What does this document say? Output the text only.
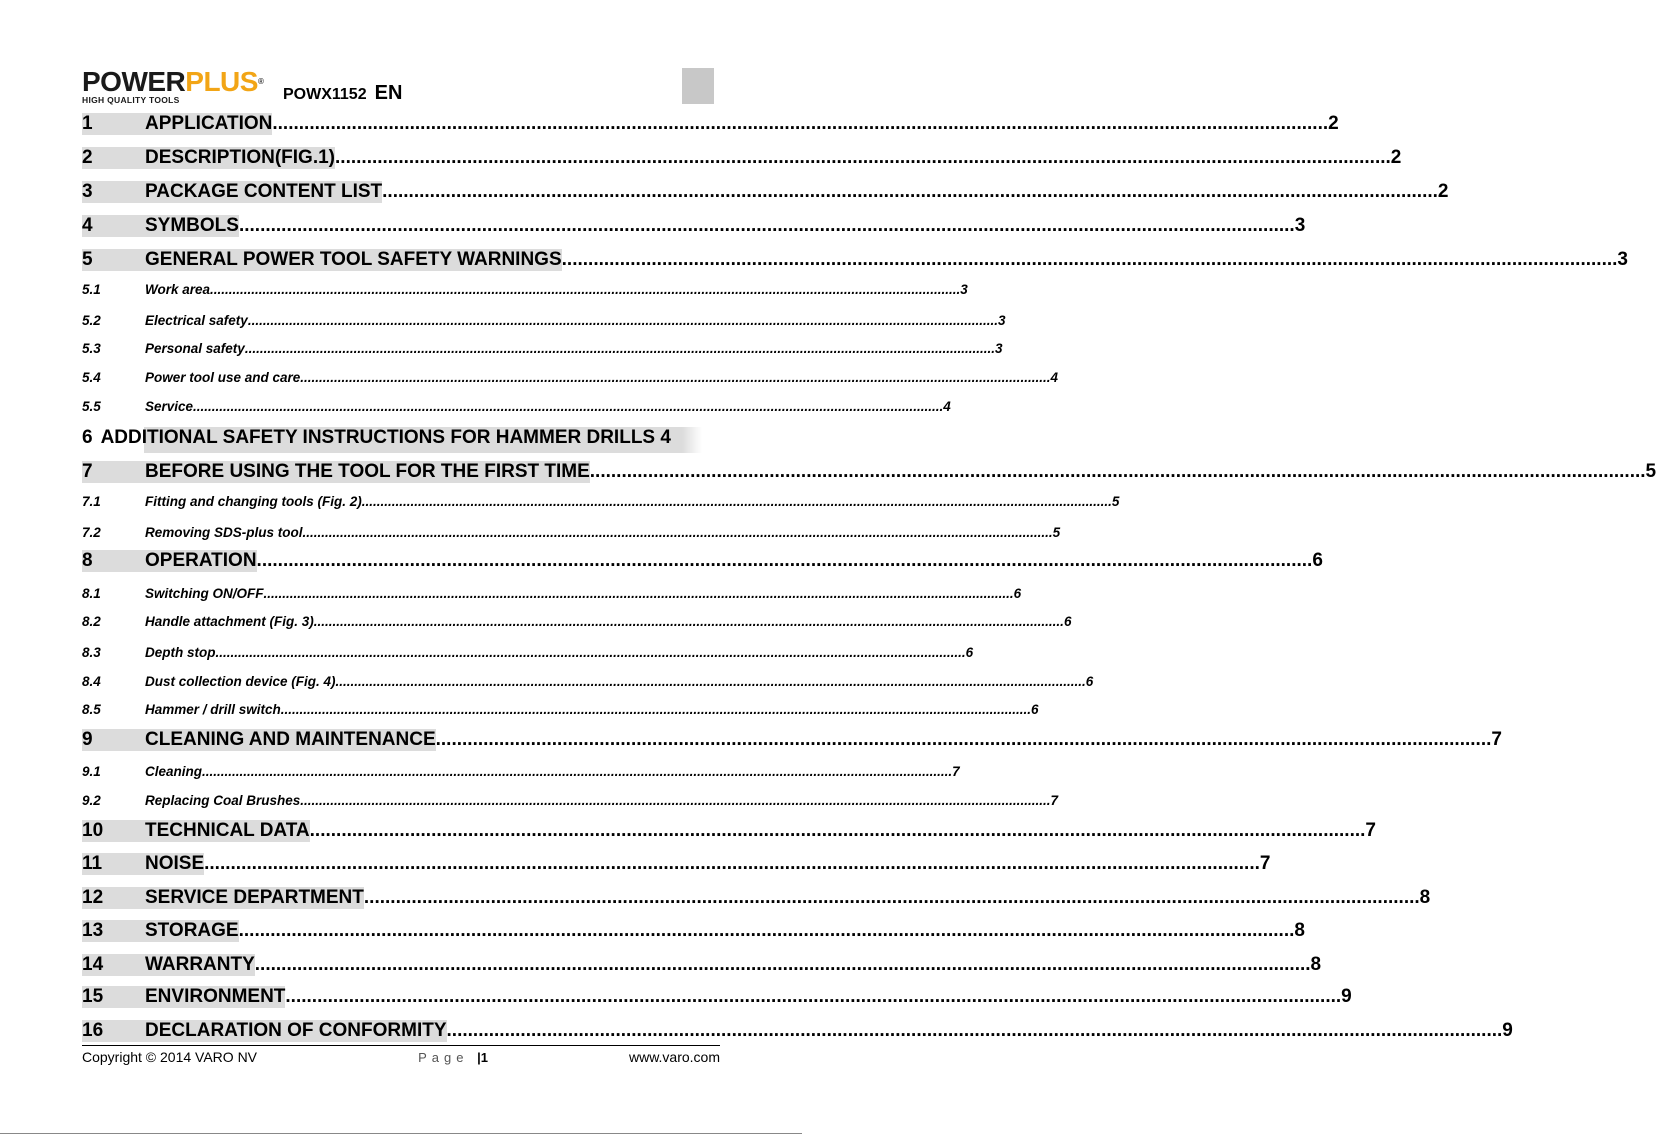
POWERPLUS®
HIGH QUALITY TOOLS	POWX1152 EN
1	APPLICATION ........................................................................................................................................................................................................ 2
2	DESCRIPTION(FIG.1) ........................................................................................................................................................................................................ 2
3	PACKAGE CONTENT LIST ........................................................................................................................................................................................................ 2
4	SYMBOLS ........................................................................................................................................................................................................ 3
5	GENERAL POWER TOOL SAFETY WARNINGS ........................................................................................................................................................................................................ 3
5.1	Work area ........................................................................................................................................................................................................ 3
5.2	Electrical safety ........................................................................................................................................................................................................ 3
5.3	Personal safety ........................................................................................................................................................................................................ 3
5.4	Power tool use and care ........................................................................................................................................................................................................ 4
5.5	Service ........................................................................................................................................................................................................ 4
6 ADDITIONAL SAFETY INSTRUCTIONS FOR HAMMER DRILLS 4
7	BEFORE USING THE TOOL FOR THE FIRST TIME ........................................................................................................................................................................................................ 5
7.1	Fitting and changing tools (Fig. 2) ........................................................................................................................................................................................................ 5
7.2	Removing SDS-plus tool ........................................................................................................................................................................................................ 5
8	OPERATION ........................................................................................................................................................................................................ 6
8.1	Switching ON/OFF ........................................................................................................................................................................................................ 6
8.2	Handle attachment (Fig. 3) ........................................................................................................................................................................................................ 6
8.3	Depth stop ........................................................................................................................................................................................................ 6
8.4	Dust collection device (Fig. 4) ........................................................................................................................................................................................................ 6
8.5	Hammer / drill switch ........................................................................................................................................................................................................ 6
9	CLEANING AND MAINTENANCE ........................................................................................................................................................................................................ 7
9.1	Cleaning ........................................................................................................................................................................................................ 7
9.2	Replacing Coal Brushes ........................................................................................................................................................................................................ 7
10	TECHNICAL DATA ........................................................................................................................................................................................................ 7
11	NOISE ........................................................................................................................................................................................................ 7
12	SERVICE DEPARTMENT ........................................................................................................................................................................................................ 8
13	STORAGE ........................................................................................................................................................................................................ 8
14	WARRANTY ........................................................................................................................................................................................................ 8
15	ENVIRONMENT ........................................................................................................................................................................................................ 9
16	DECLARATION OF CONFORMITY ........................................................................................................................................................................................................ 9
Copyright © 2014 VARO NV	Page |1	www.varo.com
